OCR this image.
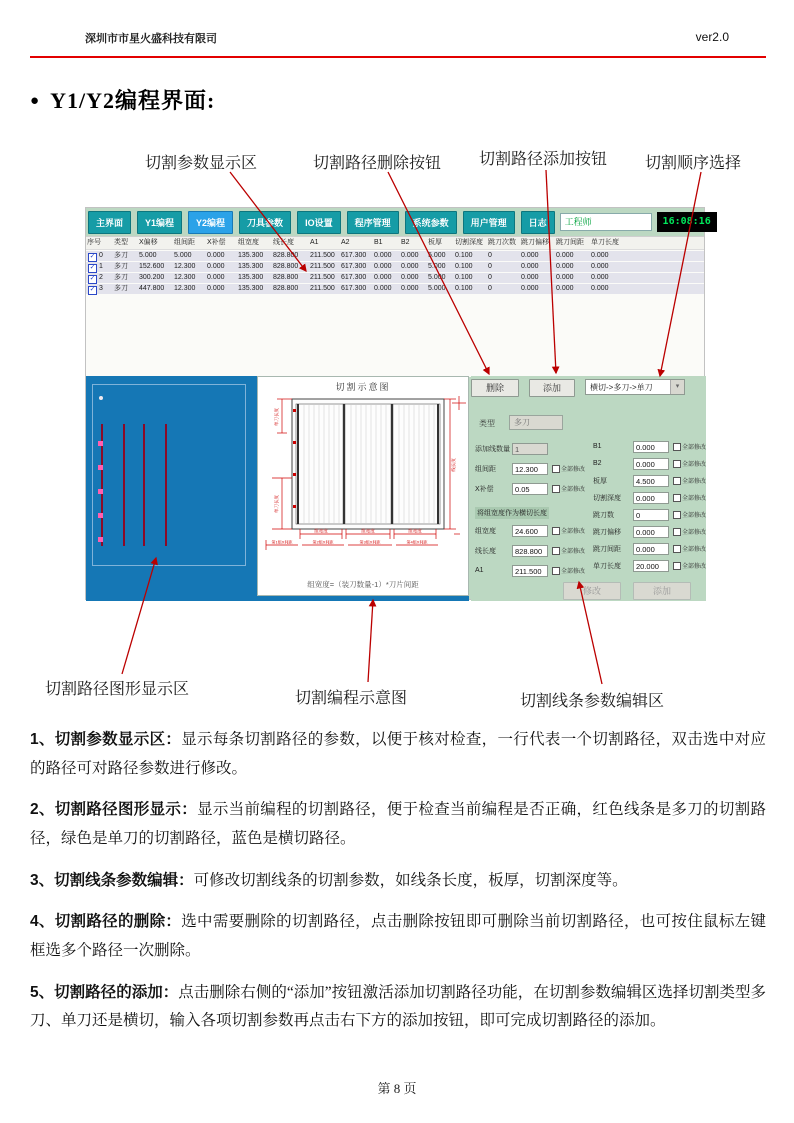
深圳市市星火盛科技有限司	ver2.0
● Y1/Y2编程界面:
切割参数显示区	切割路径删除按钮 切割路径添加按钮 切割顺序选择
主界面	Y1编程	Y2编程	刀具参数	IO设置	程序管理	系统参数	用户管理	日志	工程师	16:08:16
序号	类型	X偏移	组间距	X补偿	组宽度	线长度	A1	A2	B1	B2	板厚	切割深度 跳刀次数 跳刀偏移	跳刀间距	单刀长度
✓ 0	多刀	5.000	5.000	0.000	135.300	828.800	211.500 617.300	0.000	0.000	5.000	0.100	0	0.000	0.000	0.000
✓ 1	多刀	152.600	12.300	0.000	135.300	828.800	211.500 617.300	0.000	0.000	5.000	0.100	0	0.000	0.000	0.000
✓ 2	多刀	300.200	12.300	0.000	135.300	828.800	211.500 617.300	0.000	0.000	5.000	0.100	0	0.000	0.000	0.000
✓ 3	多刀	447.800	12.300	0.000	135.300	828.800	211.500 617.300	0.000	0.000	5.000	0.100	0	0.000	0.000	0.000
切割示意图
单刀长度
单刀长度
线长度
组宽度	组宽度	组宽度
第1组X间距	第2组X间距	第3组X间距	第4组X间距
组宽度=（装刀数量-1）*刀片间距
删除	添加	横切->多刀->单刀	▾
类型	多刀
添加线数量 1
组间距	12.300	全部修改
X补偿	0.05	全部修改
将组宽度作为横切长度
组宽度	24.600	全部修改
线长度	828.800	全部修改
A1	211.500	全部修改
B1	0.000	全部修改
B2	0.000	全部修改
板厚	4.500	全部修改
切割深度	0.000	全部修改
跳刀数	0	全部修改
跳刀偏移	0.000	全部修改
跳刀间距	0.000	全部修改
单刀长度	20.000	全部修改
修改	添加
切割路径图形显示区
切割编程示意图	切割线条参数编辑区

1、切割参数显示区：显示每条切割路径的参数，以便于核对检查，一行代表一个切割路径，双击选中对应的路径可对路径参数进行修改。

2、切割路径图形显示：显示当前编程的切割路径，便于检查当前编程是否正确，红色线条是多刀的切割路径，绿色是单刀的切割路径，蓝色是横切路径。

3、切割线条参数编辑：可修改切割线条的切割参数，如线条长度，板厚，切割深度等。

4、切割路径的删除：选中需要删除的切割路径，点击删除按钮即可删除当前切割路径，也可按住鼠标左键框选多个路径一次删除。

5、切割路径的添加：点击删除右侧的“添加”按钮激活添加切割路径功能，在切割参数编辑区选择切割类型多刀、单刀还是横切，输入各项切割参数再点击右下方的添加按钮，即可完成切割路径的添加。

第 8 页
